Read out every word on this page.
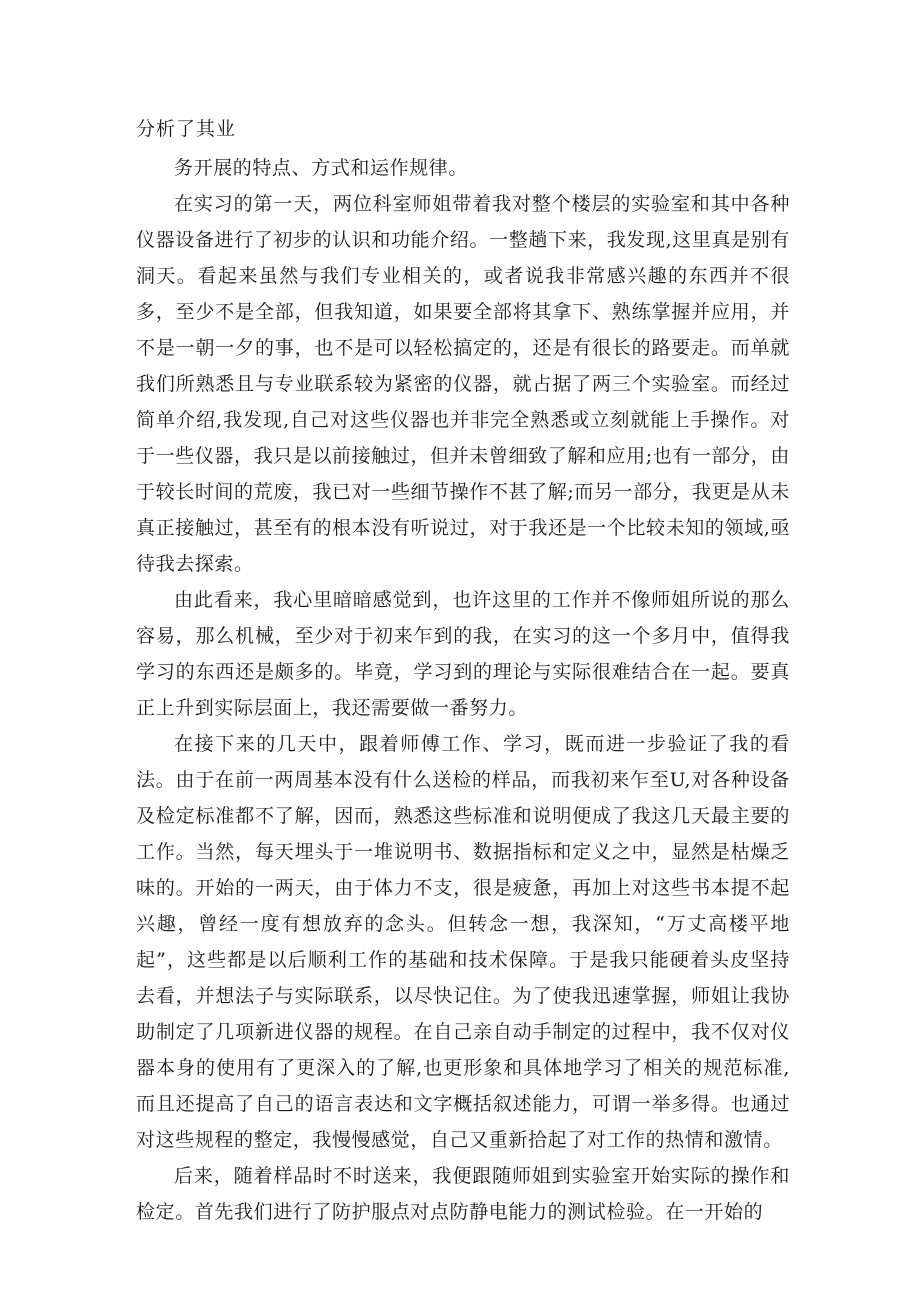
分析了其业

务开展的特点、方式和运作规律。

在实习的第一天，两位科室师姐带着我对整个楼层的实验室和其中各种仪器设备进行了初步的认识和功能介绍。一整趟下来，我发现,这里真是别有洞天。看起来虽然与我们专业相关的，或者说我非常感兴趣的东西并不很多，至少不是全部，但我知道，如果要全部将其拿下、熟练掌握并应用，并不是一朝一夕的事，也不是可以轻松搞定的，还是有很长的路要走。而单就我们所熟悉且与专业联系较为紧密的仪器，就占据了两三个实验室。而经过简单介绍,我发现,自己对这些仪器也并非完全熟悉或立刻就能上手操作。对于一些仪器，我只是以前接触过，但并未曾细致了解和应用;也有一部分，由于较长时间的荒废，我已对一些细节操作不甚了解;而另一部分，我更是从未真正接触过，甚至有的根本没有听说过，对于我还是一个比较未知的领域,亟待我去探索。

由此看来，我心里暗暗感觉到，也许这里的工作并不像师姐所说的那么容易，那么机械，至少对于初来乍到的我，在实习的这一个多月中，值得我学习的东西还是颇多的。毕竟，学习到的理论与实际很难结合在一起。要真正上升到实际层面上，我还需要做一番努力。

在接下来的几天中，跟着师傅工作、学习，既而进一步验证了我的看法。由于在前一两周基本没有什么送检的样品，而我初来乍至U,对各种设备及检定标准都不了解，因而，熟悉这些标准和说明便成了我这几天最主要的工作。当然，每天埋头于一堆说明书、数据指标和定义之中，显然是枯燥乏味的。开始的一两天，由于体力不支，很是疲惫，再加上对这些书本提不起兴趣，曾经一度有想放弃的念头。但转念一想，我深知，“万丈高楼平地起”，这些都是以后顺利工作的基础和技术保障。于是我只能硬着头皮坚持去看，并想法子与实际联系，以尽快记住。为了使我迅速掌握，师姐让我协助制定了几项新进仪器的规程。在自己亲自动手制定的过程中，我不仅对仪器本身的使用有了更深入的了解,也更形象和具体地学习了相关的规范标准,而且还提高了自己的语言表达和文字概括叙述能力，可谓一举多得。也通过对这些规程的整定，我慢慢感觉，自己又重新拾起了对工作的热情和激情。

后来，随着样品时不时送来，我便跟随师姐到实验室开始实际的操作和检定。首先我们进行了防护服点对点防静电能力的测试检验。在一开始的
